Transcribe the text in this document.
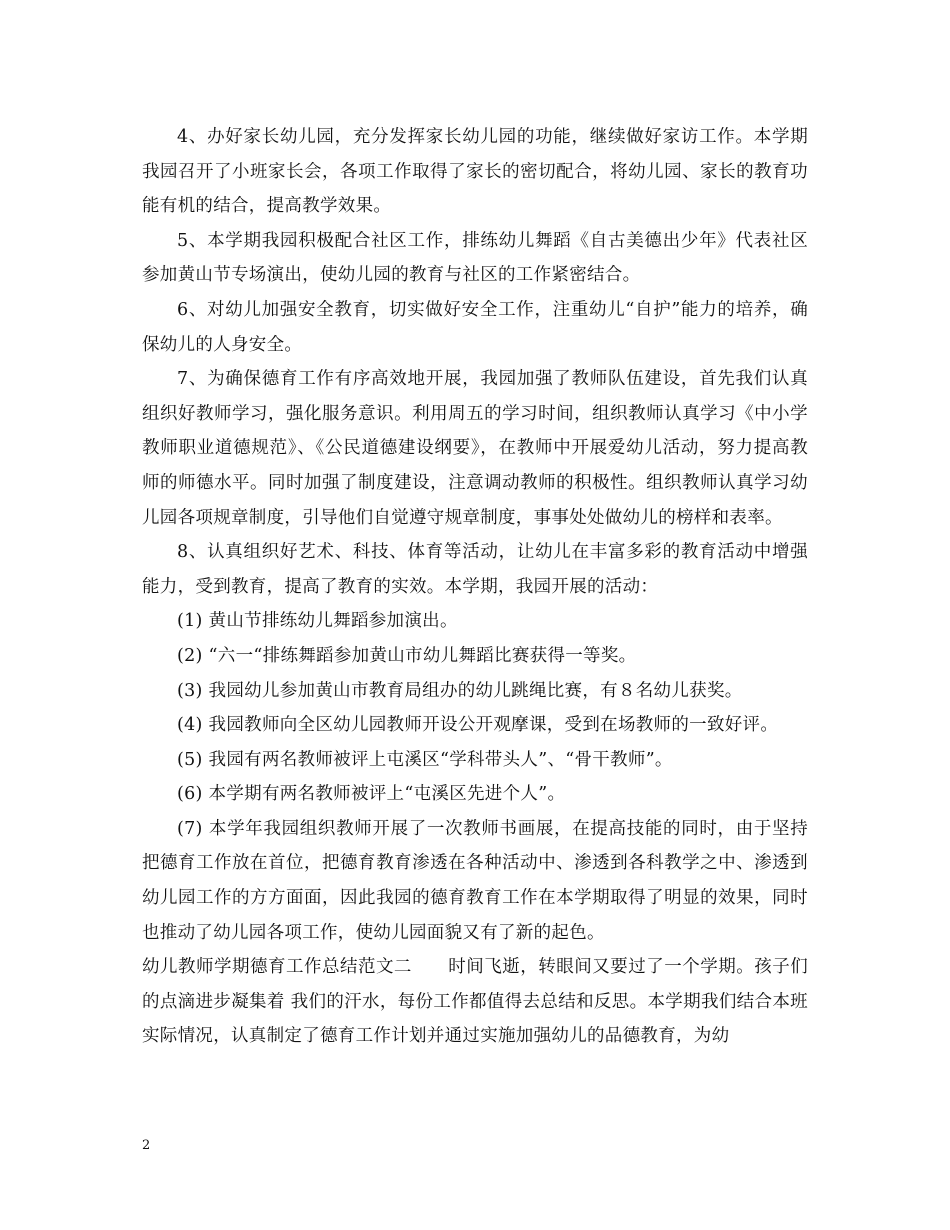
4、办好家长幼儿园，充分发挥家长幼儿园的功能，继续做好家访工作。本学期我园召开了小班家长会，各项工作取得了家长的密切配合，将幼儿园、家长的教育功能有机的结合，提高教学效果。

5、本学期我园积极配合社区工作，排练幼儿舞蹈《自古美德出少年》代表社区参加黄山节专场演出，使幼儿园的教育与社区的工作紧密结合。

6、对幼儿加强安全教育，切实做好安全工作，注重幼儿“自护”能力的培养，确保幼儿的人身安全。

7、为确保德育工作有序高效地开展，我园加强了教师队伍建设，首先我们认真组织好教师学习，强化服务意识。利用周五的学习时间，组织教师认真学习《中小学教师职业道德规范》、《公民道德建设纲要》，在教师中开展爱幼儿活动，努力提高教师的师德水平。同时加强了制度建设，注意调动教师的积极性。组织教师认真学习幼儿园各项规章制度，引导他们自觉遵守规章制度，事事处处做幼儿的榜样和表率。

8、认真组织好艺术、科技、体育等活动，让幼儿在丰富多彩的教育活动中增强能力，受到教育，提高了教育的实效。本学期，我园开展的活动：

(1) 黄山节排练幼儿舞蹈参加演出。

(2) “六一“排练舞蹈参加黄山市幼儿舞蹈比赛获得一等奖。

(3) 我园幼儿参加黄山市教育局组办的幼儿跳绳比赛，有８名幼儿获奖。

(4) 我园教师向全区幼儿园教师开设公开观摩课，受到在场教师的一致好评。

(5) 我园有两名教师被评上屯溪区“学科带头人”、“骨干教师”。

(6) 本学期有两名教师被评上“屯溪区先进个人”。

(7) 本学年我园组织教师开展了一次教师书画展，在提高技能的同时，由于坚持把德育工作放在首位，把德育教育渗透在各种活动中、渗透到各科教学之中、渗透到幼儿园工作的方方面面，因此我园的德育教育工作在本学期取得了明显的效果，同时也推动了幼儿园各项工作，使幼儿园面貌又有了新的起色。

幼儿教师学期德育工作总结范文二 时间飞逝，转眼间又要过了一个学期。孩子们的点滴进步凝集着 我们的汗水，每份工作都值得去总结和反思。本学期我们结合本班实际情况，认真制定了德育工作计划并通过实施加强幼儿的品德教育，为幼

2
